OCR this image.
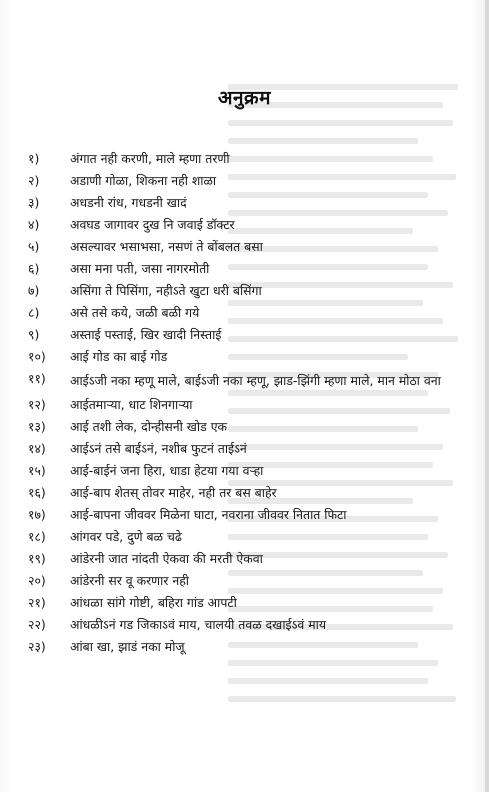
अनुक्रम
१)	अंगात नही करणी, माले म्हणा तरणी
२)	अडाणी गोळा, शिकना नही शाळा
३)	अधडनी रांध, गधडनी खादं
४)	अवघड जागावर दुख नि जवाई डॉक्टर
५)	असल्यावर भसाभसा, नसणं ते बोंबलत बसा
६)	असा मना पती, जसा नागरमोती
७)	असिंगा ते पिसिंगा, नहीऽते खुटा धरी बसिंगा
८)	असे तसे कये, जळी बळी गये
९)	अस्ताई पस्ताई, खिर खादी निस्ताई
१०)	आई गोड का बाई गोड
११)	आईऽजी नका म्हणू माले, बाईऽजी नका म्हणू, झाड-झिंगी म्हणा माले, मान मोठा वना
१२)	आईतमाऱ्या, धाट शिनगाऱ्या
१३)	आई तशी लेक, दोन्हीसनी खोड एक
१४)	आईऽनं तसे बाईऽनं, नशीब फुटनं ताईऽनं
१५)	आई-बाईनं जना हिरा, धाडा हेटया गया वऱ्हा
१६)	आई-बाप शेतस् तोवर माहेर, नही तर बस बाहेर
१७)	आई-बापना जीववर मिळेना घाटा, नवराना जीववर नितात फिटा
१८)	आंगवर पडे, दुणे बळ चढे
१९)	आंडेरनी जात नांदती ऐकवा की मरती ऐकवा
२०)	आंडेरनी सर वू करणार नही
२१)	आंधळा सांगे गोष्टी, बहिरा गांड आपटी
२२)	आंधळीऽनं गड जिकाऽवं माय, चालयी तवळ दखाईऽवं माय
२३)	आंबा खा, झाडं नका मोजू
